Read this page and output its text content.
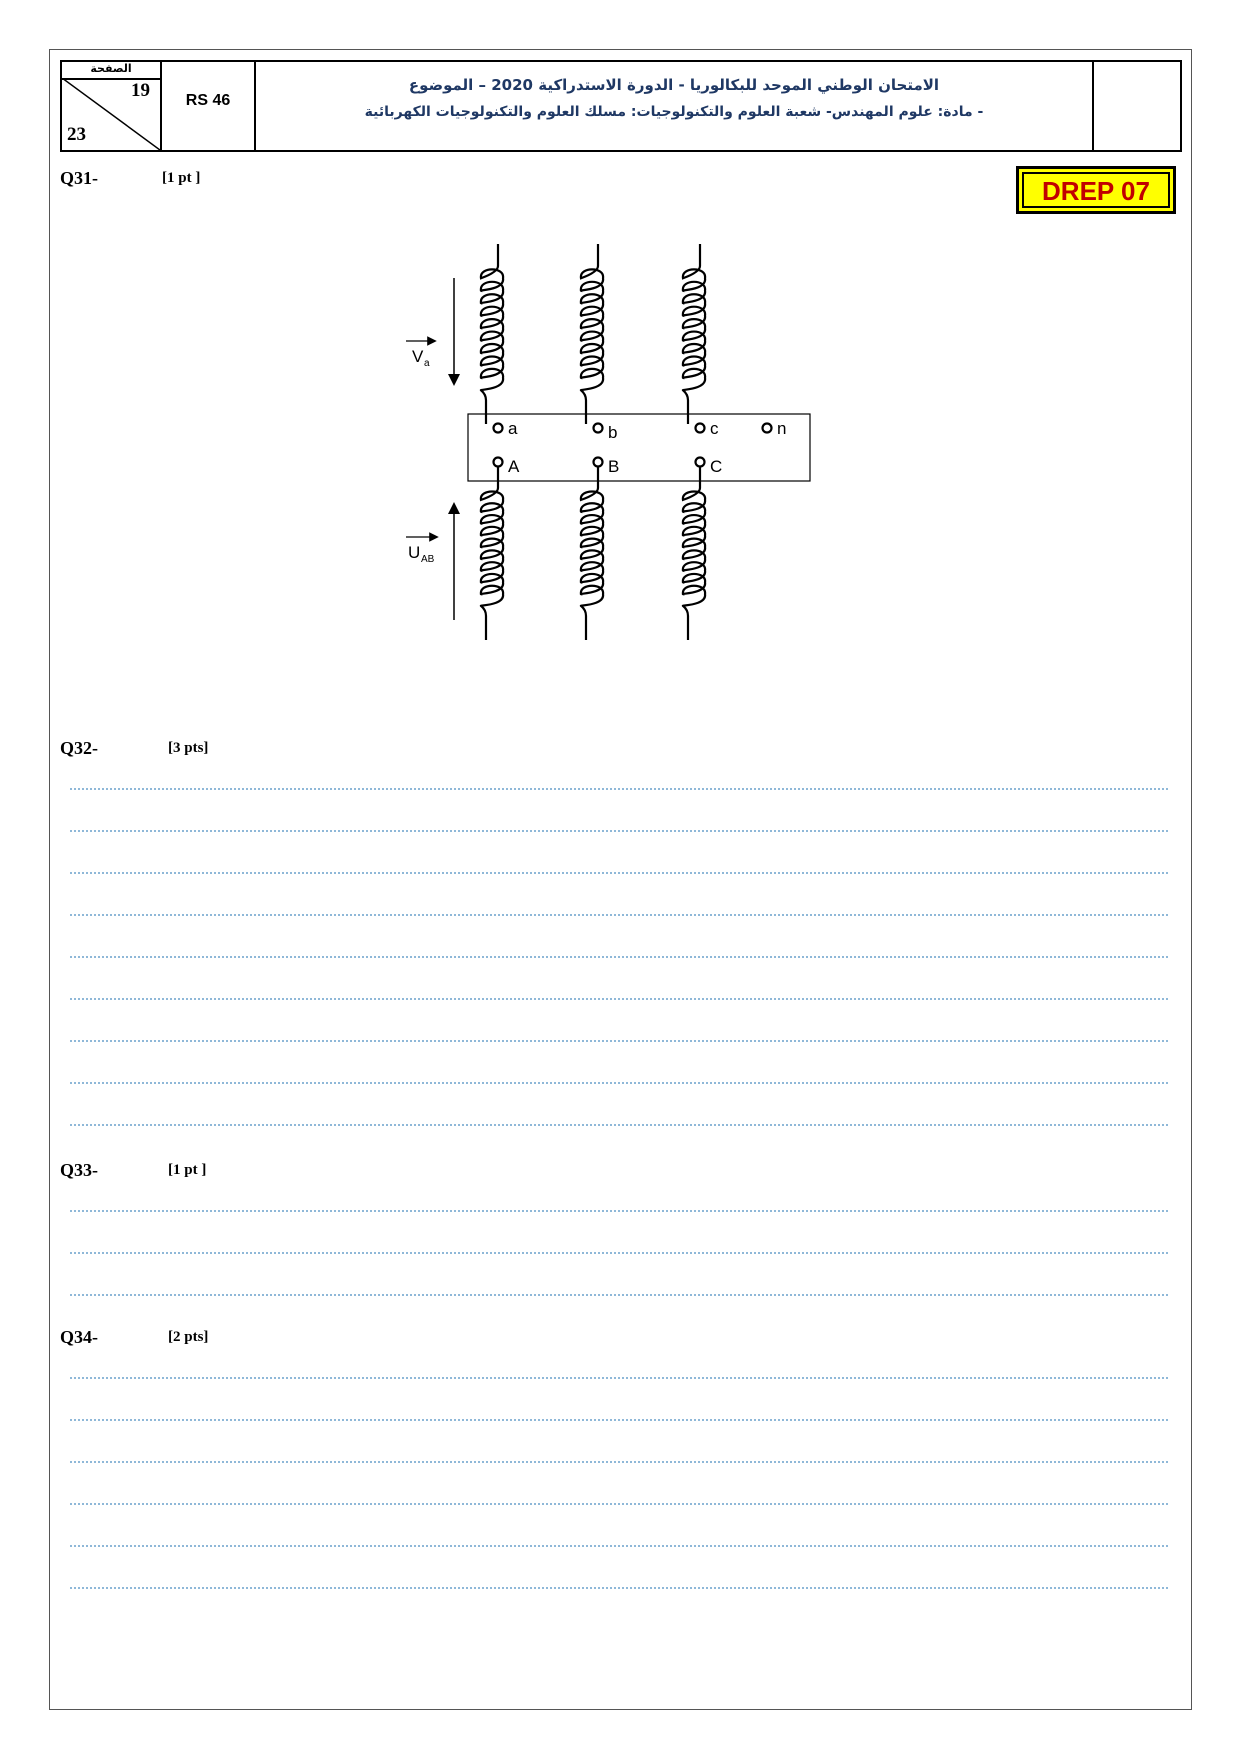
الصفحة
19
23
RS 46
الامتحان الوطني الموحد للبكالوريا - الدورة الاستدراكية 2020 – الموضوع
- مادة: علوم المهندس- شعبة العلوم والتكنولوجيات: مسلك العلوم والتكنولوجيات الكهربائية
DREP 07
Q31-	[1 pt ]
Q32-	[3 pts]
Q33-	[1 pt ]
Q34-	[2 pts]
a	b	c	n
A	B	C
V a
U AB
